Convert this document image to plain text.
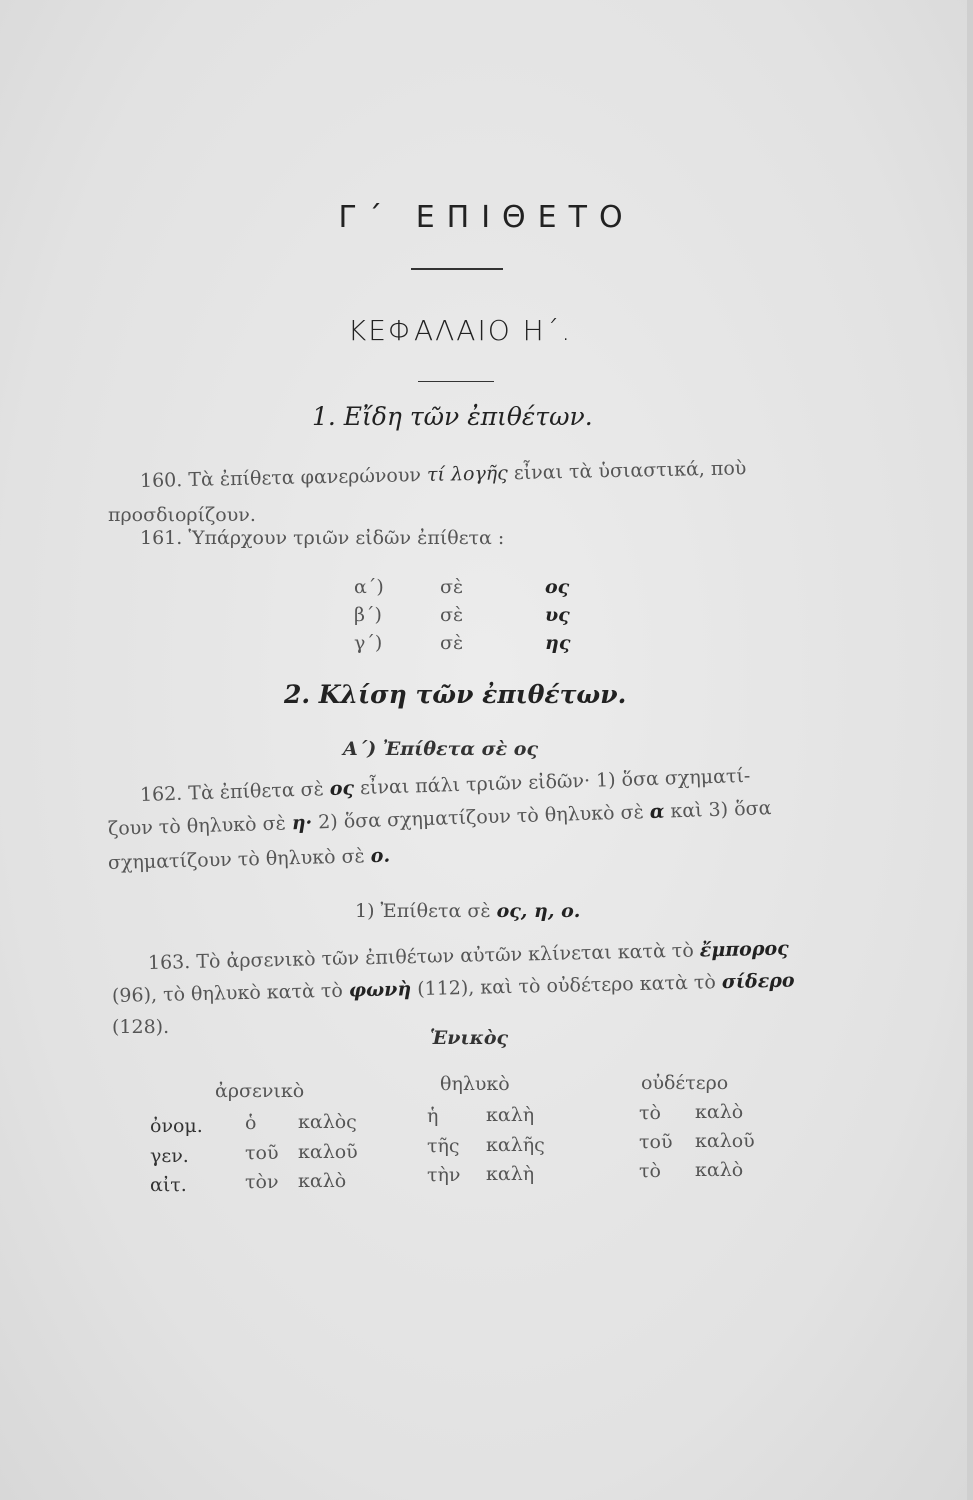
Γ΄ ΕΠΙΘΕΤΟ
ΚΕΦΑΛΑΙΟ Η΄.
1. Εἴδη τῶν ἐπιθέτων.
160. Τὰ ἐπίθετα φανερώνουν τί λογῆς εἶναι τὰ ὑσιαστικά, ποὺ
προσδιορίζουν.
161. Ὑπάρχουν τριῶν εἰδῶν ἐπίθετα :
α΄)	σὲ	ος
β΄)	σὲ	υς
γ΄)	σὲ	ης
2. Κλίση τῶν ἐπιθέτων.
Α΄) Ἐπίθετα σὲ ος
162. Τὰ ἐπίθετα σὲ ος εἶναι πάλι τριῶν εἰδῶν· 1) ὅσα σχηματί-
ζουν τὸ θηλυκὸ σὲ η· 2) ὅσα σχηματίζουν τὸ θηλυκὸ σὲ α καὶ 3) ὅσα
σχηματίζουν τὸ θηλυκὸ σὲ ο.
1) Ἐπίθετα σὲ ος, η, ο.
163. Τὸ ἀρσενικὸ τῶν ἐπιθέτων αὐτῶν κλίνεται κατὰ τὸ ἔμπορος
(96), τὸ θηλυκὸ κατὰ τὸ φωνὴ (112), καὶ τὸ οὐδέτερο κατὰ τὸ σίδερο
(128).	Ἑνικὸς
ἀρσενικὸ	θηλυκὸ	οὐδέτερο
ὀνομ. ὁ καλὸς	ἡ	καλὴ	τὸ καλὸ
γεν.	τοῦ καλοῦ	τῆς καλῆς	τοῦ καλοῦ
αἰτ.	τὸν καλὸ	τὴν καλὴ	τὸ καλὸ
